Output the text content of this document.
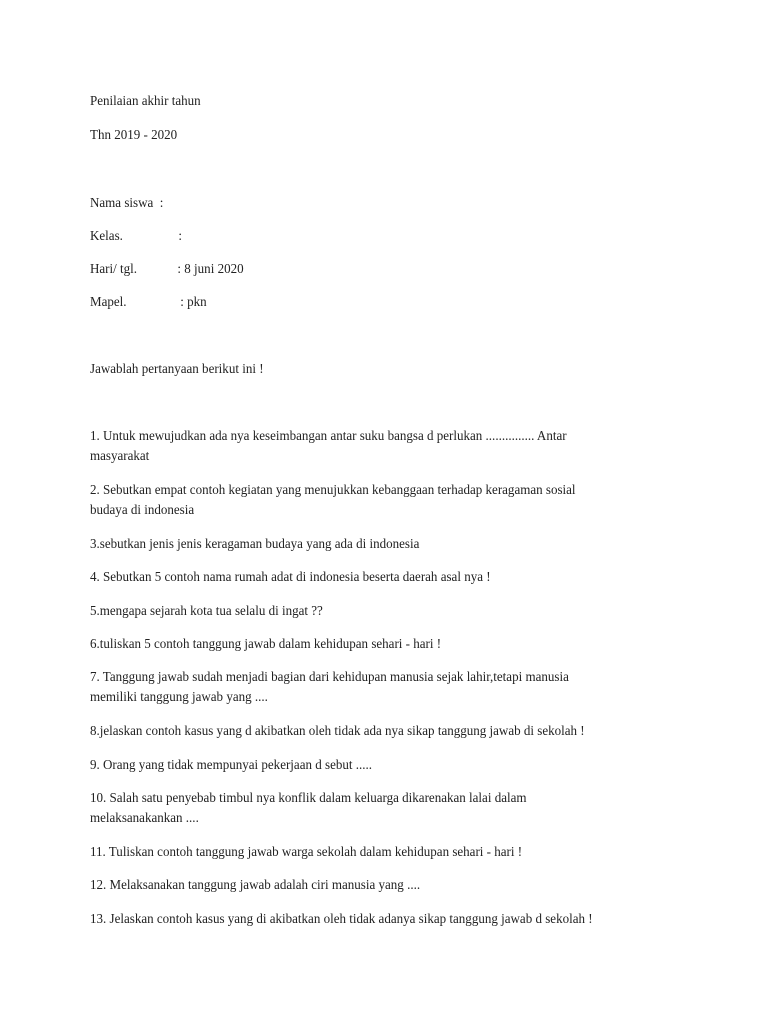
Penilaian akhir tahun
Thn 2019 - 2020
Nama siswa :
Kelas.	:
Hari/ tgl.	: 8 juni 2020
Mapel.	: pkn
Jawablah pertanyaan berikut ini !
1. Untuk mewujudkan ada nya keseimbangan antar suku bangsa d perlukan ............... Antar
masyarakat
2. Sebutkan empat contoh kegiatan yang menujukkan kebanggaan terhadap keragaman sosial
budaya di indonesia
3.sebutkan jenis jenis keragaman budaya yang ada di indonesia
4. Sebutkan 5 contoh nama rumah adat di indonesia beserta daerah asal nya !
5.mengapa sejarah kota tua selalu di ingat ??
6.tuliskan 5 contoh tanggung jawab dalam kehidupan sehari - hari !
7. Tanggung jawab sudah menjadi bagian dari kehidupan manusia sejak lahir,tetapi manusia
memiliki tanggung jawab yang ....
8.jelaskan contoh kasus yang d akibatkan oleh tidak ada nya sikap tanggung jawab di sekolah !
9. Orang yang tidak mempunyai pekerjaan d sebut .....
10. Salah satu penyebab timbul nya konflik dalam keluarga dikarenakan lalai dalam
melaksanakankan ....
11. Tuliskan contoh tanggung jawab warga sekolah dalam kehidupan sehari - hari !
12. Melaksanakan tanggung jawab adalah ciri manusia yang ....
13. Jelaskan contoh kasus yang di akibatkan oleh tidak adanya sikap tanggung jawab d sekolah !
